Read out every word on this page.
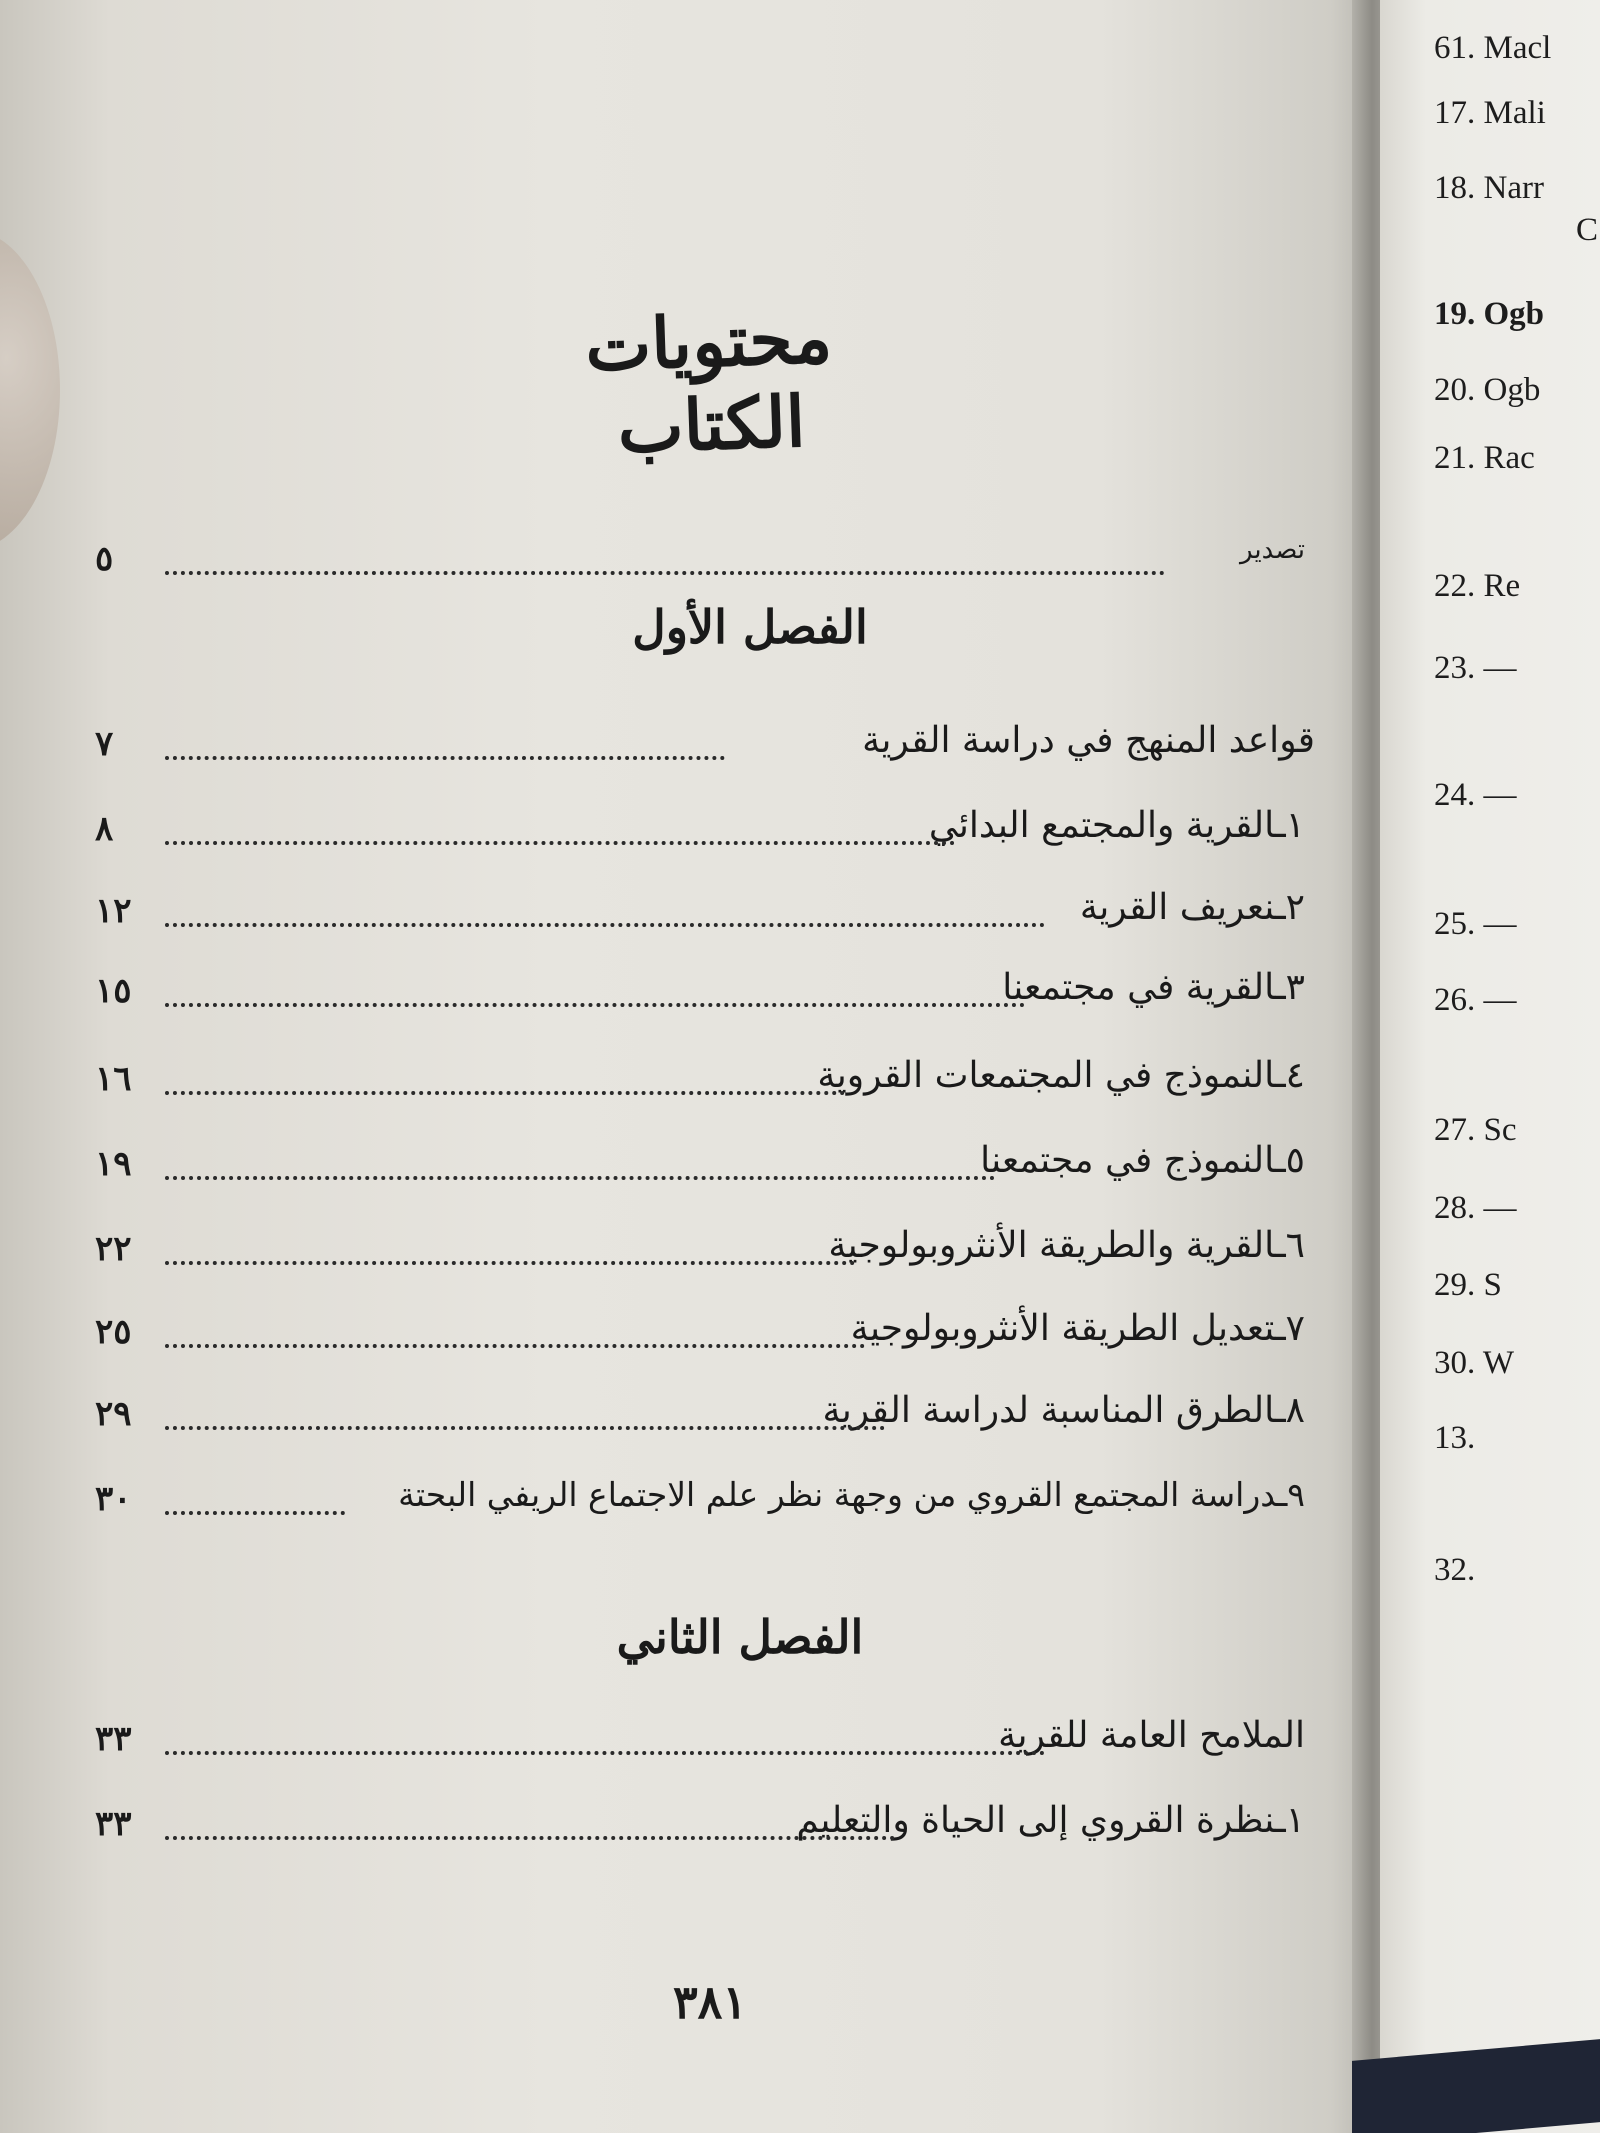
محتويات الكتاب
تصدير
٥
الفصل الأول
قواعد المنهج في دراسة القرية
٧
١ـالقرية والمجتمع البدائي
٨
٢ـنعريف القرية
١٢
٣ـالقرية في مجتمعنا
١٥
٤ـالنموذج في المجتمعات القروية
١٦
٥ـالنموذج في مجتمعنا
١٩
٦ـالقرية والطريقة الأنثروبولوجية
٢٢
٧ـتعديل الطريقة الأنثروبولوجية
٢٥
٨ـالطرق المناسبة لدراسة القرية
٢٩
٩ـدراسة المجتمع القروي من وجهة نظر علم الاجتماع الريفي البحتة
٣٠
الفصل الثاني
الملامح العامة للقرية
٣٣
١ـنظرة القروي إلى الحياة والتعليم
٣٣
٣٨١
61. Macl
17. Mali
18. Narr
C
19. Ogb
20. Ogb
21. Rac
22. Re
23. —
24. —
25. —
26. —
27. Sc
28. —
29. S
30. W
13.
32.
